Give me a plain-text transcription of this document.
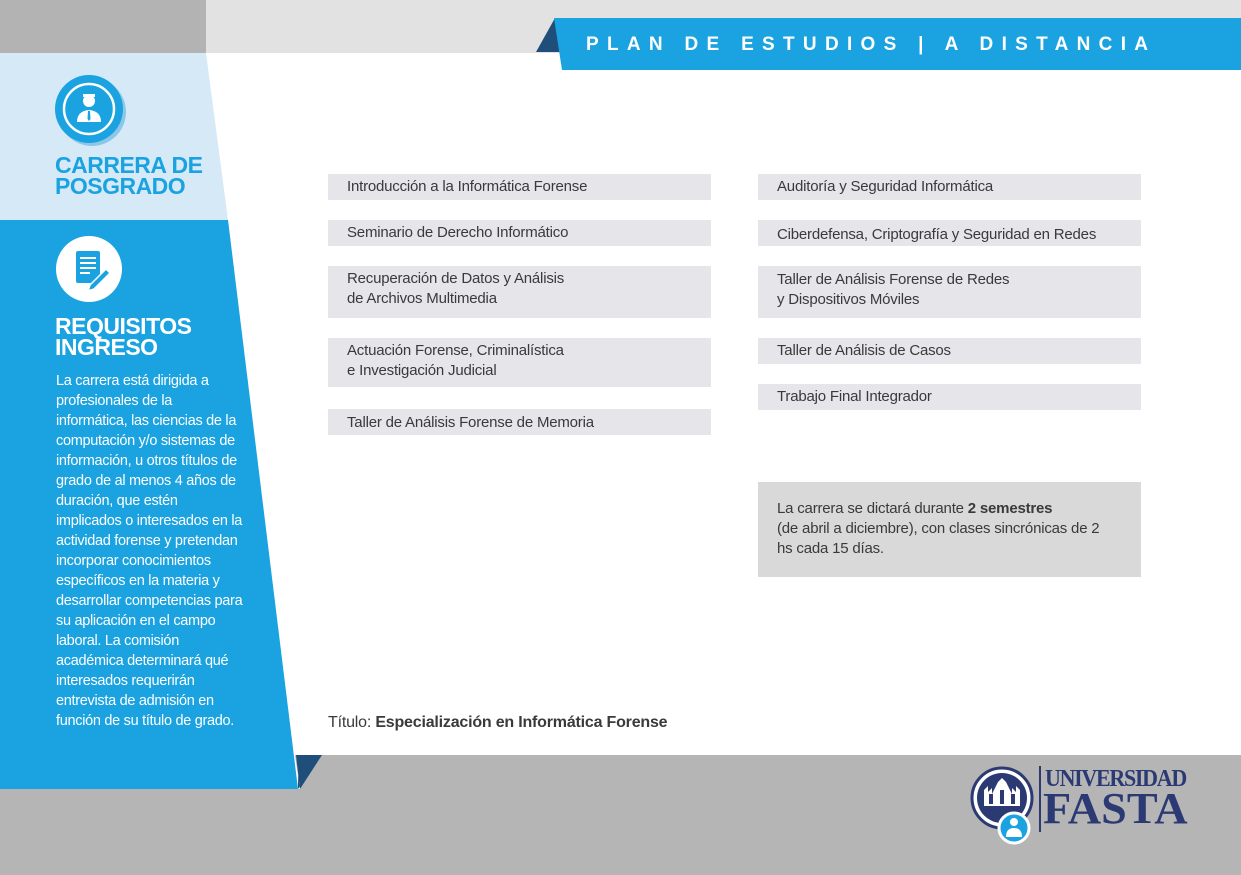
PLAN DE ESTUDIOS | A DISTANCIA
CARRERA DE
POSGRADO
REQUISITOS
INGRESO
La carrera está dirigida a profesionales de la informática, las ciencias de la computación y/o sistemas de información, u otros títulos de grado de al menos 4 años de duración, que estén implicados o interesados en la actividad forense y pretendan incorporar conocimientos específicos en la materia y desarrollar competencias para su aplicación en el campo laboral. La comisión académica determinará qué interesados requerirán entrevista de admisión en función de su título de grado.
Introducción a la Informática Forense
Seminario de Derecho Informático
Recuperación de Datos y Análisis
de Archivos Multimedia
Actuación Forense, Criminalística
e Investigación Judicial
Taller de Análisis Forense de Memoria
Auditoría y Seguridad Informática
Ciberdefensa, Criptografía y Seguridad en Redes
Taller de Análisis Forense de Redes
y Dispositivos Móviles
Taller de Análisis de Casos
Trabajo Final Integrador
La carrera se dictará durante 2 semestres
(de abril a diciembre), con clases sincrónicas de 2 hs cada 15 días.
Título: Especialización en Informática Forense
UNIVERSIDAD
FASTA
